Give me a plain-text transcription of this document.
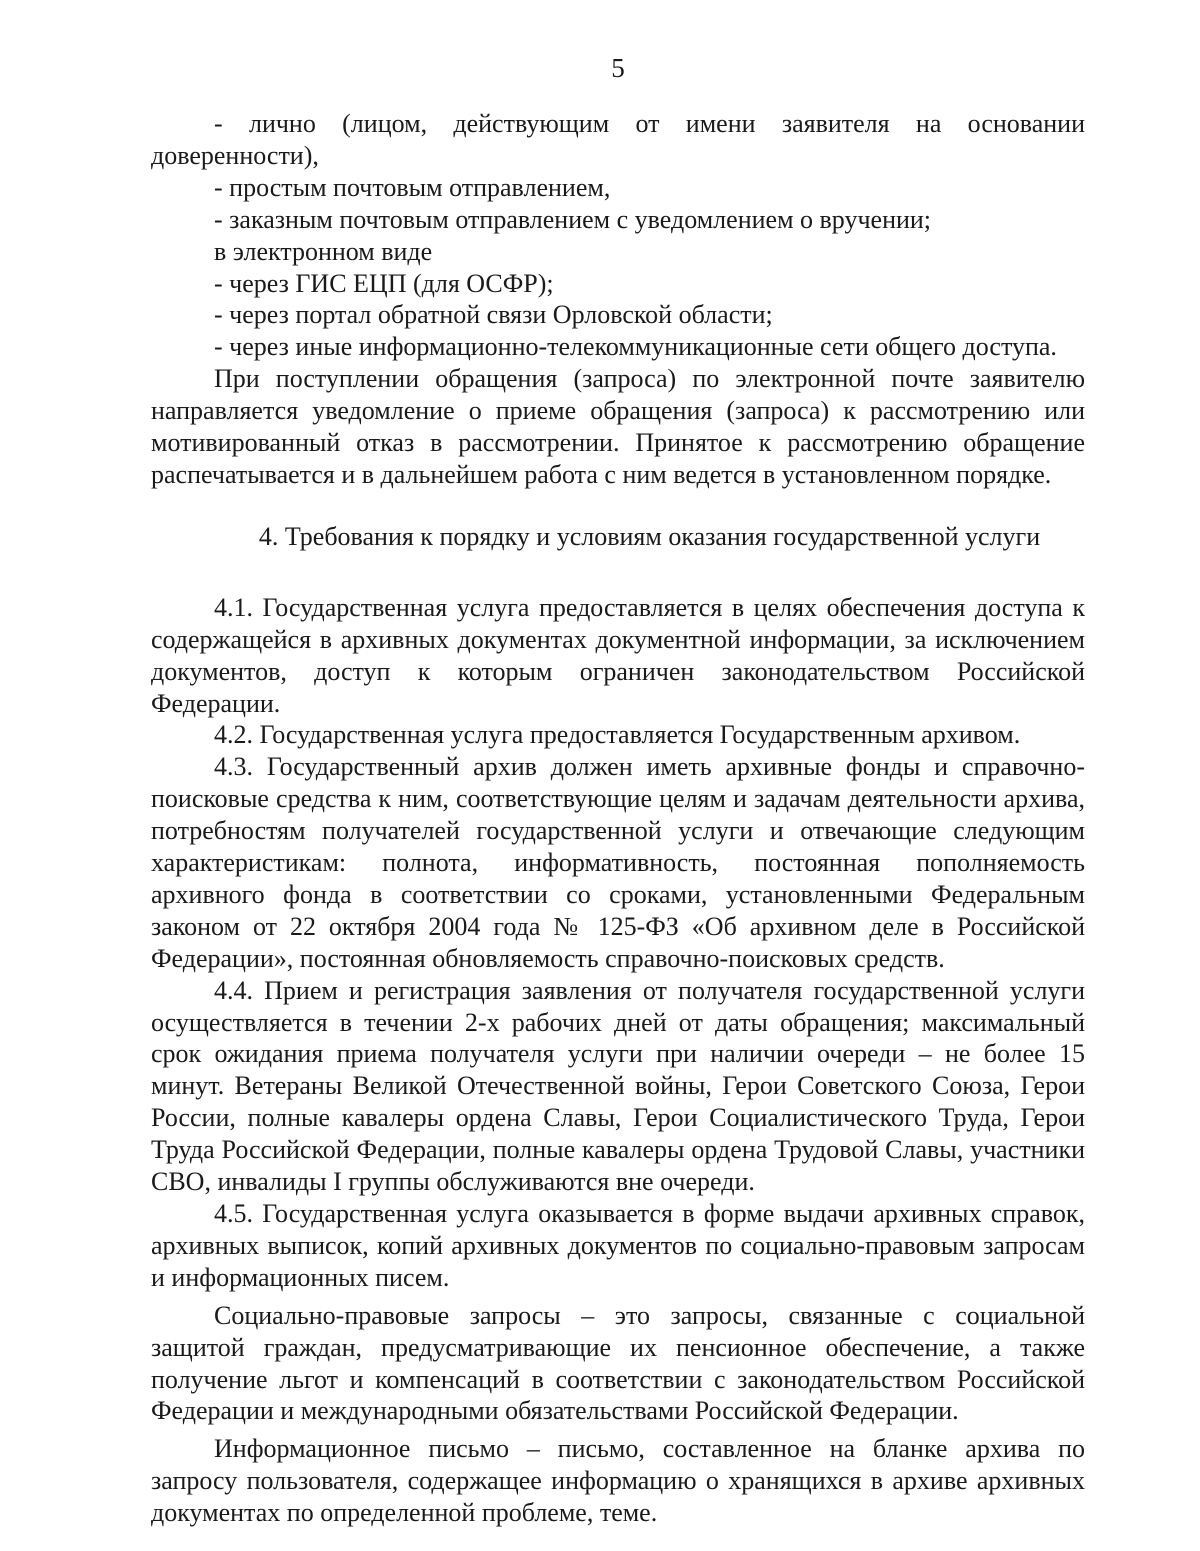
5

- лично (лицом, действующим от имени заявителя на основании доверенности),

- простым почтовым отправлением,

- заказным почтовым отправлением с уведомлением о вручении;

в электронном виде

- через ГИС ЕЦП (для ОСФР);

- через портал обратной связи Орловской области;

- через иные информационно-телекоммуникационные сети общего доступа.

При поступлении обращения (запроса) по электронной почте заявителю направляется уведомление о приеме обращения (запроса) к рассмотрению или мотивированный отказ в рассмотрении. Принятое к рассмотрению обращение распечатывается и в дальнейшем работа с ним ведется в установленном порядке.

4. Требования к порядку и условиям оказания государственной услуги

4.1. Государственная услуга предоставляется в целях обеспечения доступа к содержащейся в архивных документах документной информации, за исключением документов, доступ к которым ограничен законодательством Российской Федерации.

4.2. Государственная услуга предоставляется Государственным архивом.

4.3. Государственный архив должен иметь архивные фонды и справочно-поисковые средства к ним, соответствующие целям и задачам деятельности архива, потребностям получателей государственной услуги и отвечающие следующим характеристикам: полнота, информативность, постоянная пополняемость архивного фонда в соответствии со сроками, установленными Федеральным законом от 22 октября 2004 года № 125-ФЗ «Об архивном деле в Российской Федерации», постоянная обновляемость справочно-поисковых средств.

4.4. Прием и регистрация заявления от получателя государственной услуги осуществляется в течении 2-х рабочих дней от даты обращения; максимальный срок ожидания приема получателя услуги при наличии очереди – не более 15 минут. Ветераны Великой Отечественной войны, Герои Советского Союза, Герои России, полные кавалеры ордена Славы, Герои Социалистического Труда, Герои Труда Российской Федерации, полные кавалеры ордена Трудовой Славы, участники СВО, инвалиды I группы обслуживаются вне очереди.

4.5. Государственная услуга оказывается в форме выдачи архивных справок, архивных выписок, копий архивных документов по социально-правовым запросам и информационных писем.

Социально-правовые запросы – это запросы, связанные с социальной защитой граждан, предусматривающие их пенсионное обеспечение, а также получение льгот и компенсаций в соответствии с законодательством Российской Федерации и международными обязательствами Российской Федерации.

Информационное письмо – письмо, составленное на бланке архива по запросу пользователя, содержащее информацию о хранящихся в архиве архивных документах по определенной проблеме, теме.
